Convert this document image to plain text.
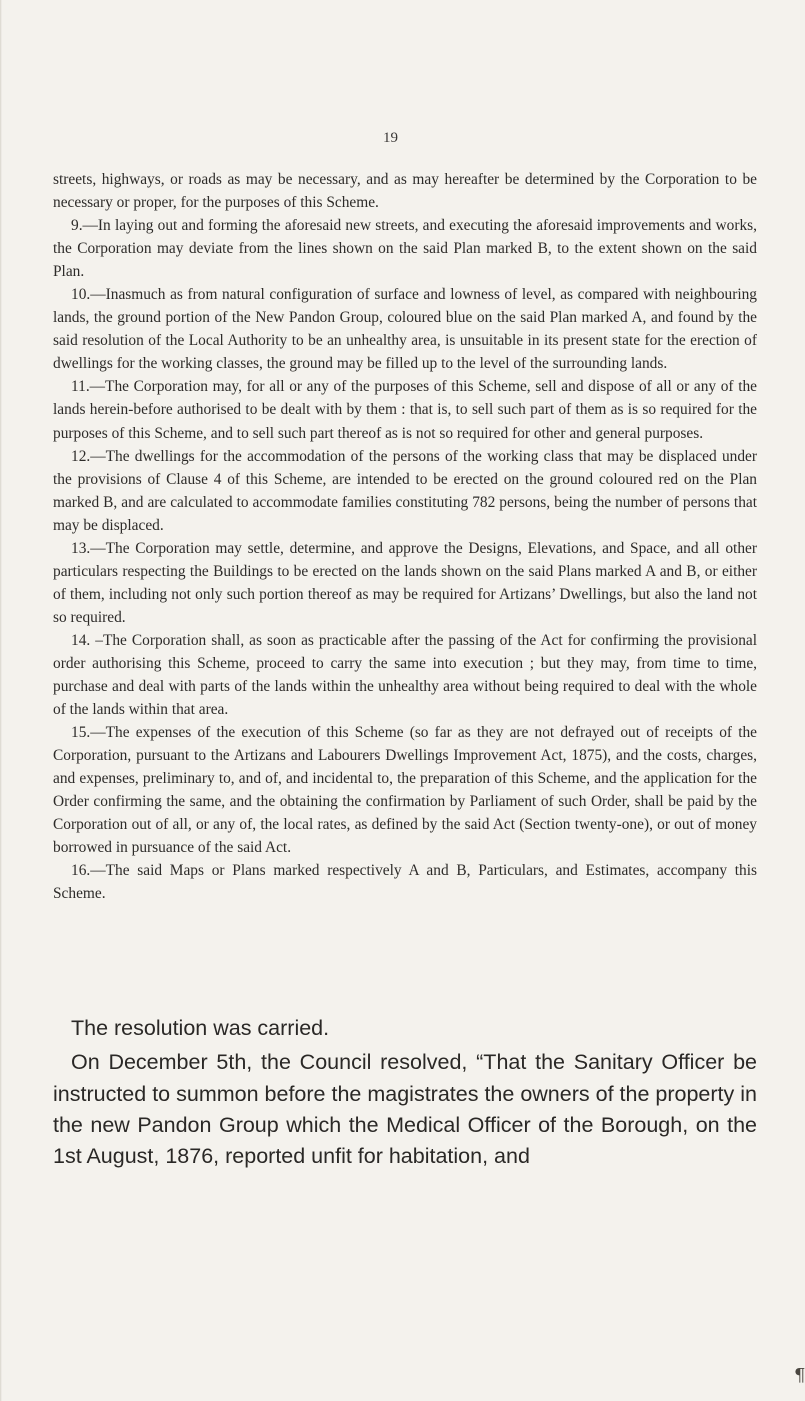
19

streets, highways, or roads as may be necessary, and as may hereafter be determined by the Corporation to be necessary or proper, for the purposes of this Scheme.

9.—In laying out and forming the aforesaid new streets, and executing the aforesaid improvements and works, the Corporation may deviate from the lines shown on the said Plan marked B, to the extent shown on the said Plan.

10.—Inasmuch as from natural configuration of surface and lowness of level, as compared with neighbouring lands, the ground portion of the New Pandon Group, coloured blue on the said Plan marked A, and found by the said resolution of the Local Authority to be an unhealthy area, is unsuitable in its present state for the erection of dwellings for the working classes, the ground may be filled up to the level of the surrounding lands.

11.—The Corporation may, for all or any of the purposes of this Scheme, sell and dispose of all or any of the lands herein-before authorised to be dealt with by them : that is, to sell such part of them as is so required for the purposes of this Scheme, and to sell such part thereof as is not so required for other and general purposes.

12.—The dwellings for the accommodation of the persons of the working class that may be displaced under the provisions of Clause 4 of this Scheme, are intended to be erected on the ground coloured red on the Plan marked B, and are calculated to accommodate families constituting 782 persons, being the number of persons that may be displaced.

13.—The Corporation may settle, determine, and approve the Designs, Elevations, and Space, and all other particulars respecting the Buildings to be erected on the lands shown on the said Plans marked A and B, or either of them, including not only such portion thereof as may be required for Artizans’ Dwellings, but also the land not so required.

14. –The Corporation shall, as soon as practicable after the passing of the Act for confirming the provisional order authorising this Scheme, proceed to carry the same into execution ; but they may, from time to time, purchase and deal with parts of the lands within the unhealthy area without being required to deal with the whole of the lands within that area.

15.—The expenses of the execution of this Scheme (so far as they are not defrayed out of receipts of the Corporation, pursuant to the Artizans and Labourers Dwellings Improvement Act, 1875), and the costs, charges, and expenses, preliminary to, and of, and incidental to, the preparation of this Scheme, and the application for the Order confirming the same, and the obtaining the confirmation by Parliament of such Order, shall be paid by the Corporation out of all, or any of, the local rates, as defined by the said Act (Section twenty-one), or out of money borrowed in pursuance of the said Act.

16.—The said Maps or Plans marked respectively A and B, Particulars, and Estimates, accompany this Scheme.

The resolution was carried.

On December 5th, the Council resolved, “That the Sanitary Officer be instructed to summon before the magistrates the owners of the property in the new Pandon Group which the Medical Officer of the Borough, on the 1st August, 1876, reported unfit for habitation, and

¶
